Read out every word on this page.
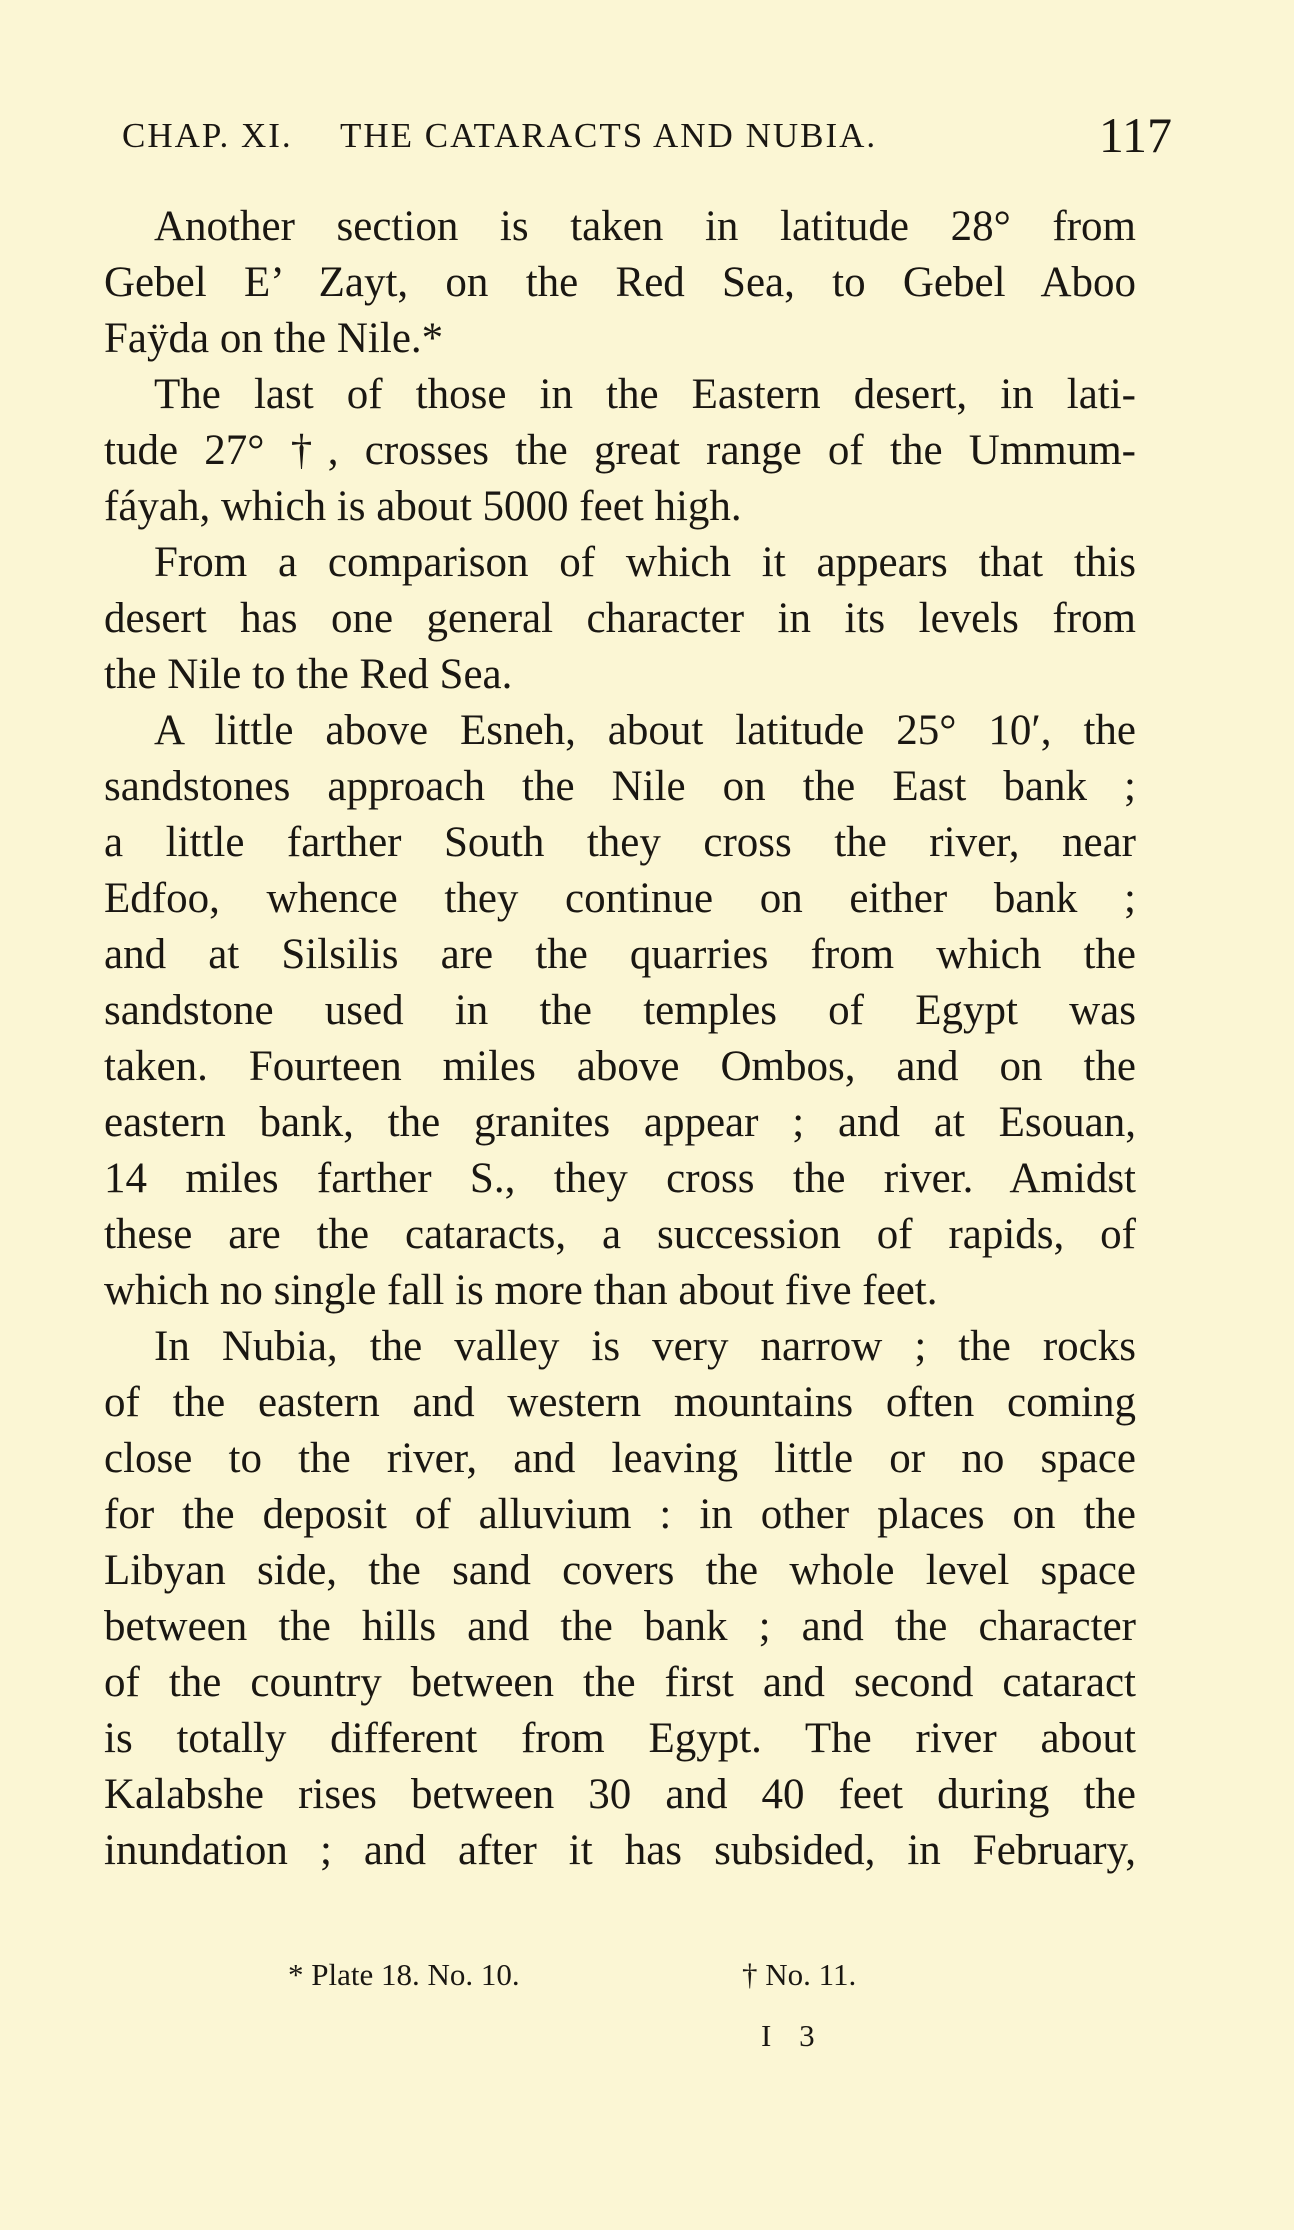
CHAP. XI. THE CATARACTS AND NUBIA.	117
Another section is taken in latitude 28° from
Gebel E’ Zayt, on the Red Sea, to Gebel Aboo
Faÿda on the Nile.*
The last of those in the Eastern desert, in lati-
tude 27° †, crosses the great range of the Ummum-
fáyah, which is about 5000 feet high.
From a comparison of which it appears that this
desert has one general character in its levels from
the Nile to the Red Sea.
A little above Esneh, about latitude 25° 10′, the
sandstones approach the Nile on the East bank ;
a little farther South they cross the river, near
Edfoo, whence they continue on either bank ;
and at Silsilis are the quarries from which the
sandstone used in the temples of Egypt was
taken. Fourteen miles above Ombos, and on the
eastern bank, the granites appear ; and at Esouan,
14 miles farther S., they cross the river. Amidst
these are the cataracts, a succession of rapids, of
which no single fall is more than about five feet.
In Nubia, the valley is very narrow ; the rocks
of the eastern and western mountains often coming
close to the river, and leaving little or no space
for the deposit of alluvium : in other places on the
Libyan side, the sand covers the whole level space
between the hills and the bank ; and the character
of the country between the first and second cataract
is totally different from Egypt. The river about
Kalabshe rises between 30 and 40 feet during the
inundation ; and after it has subsided, in February,
* Plate 18. No. 10.	† No. 11.
I 3
